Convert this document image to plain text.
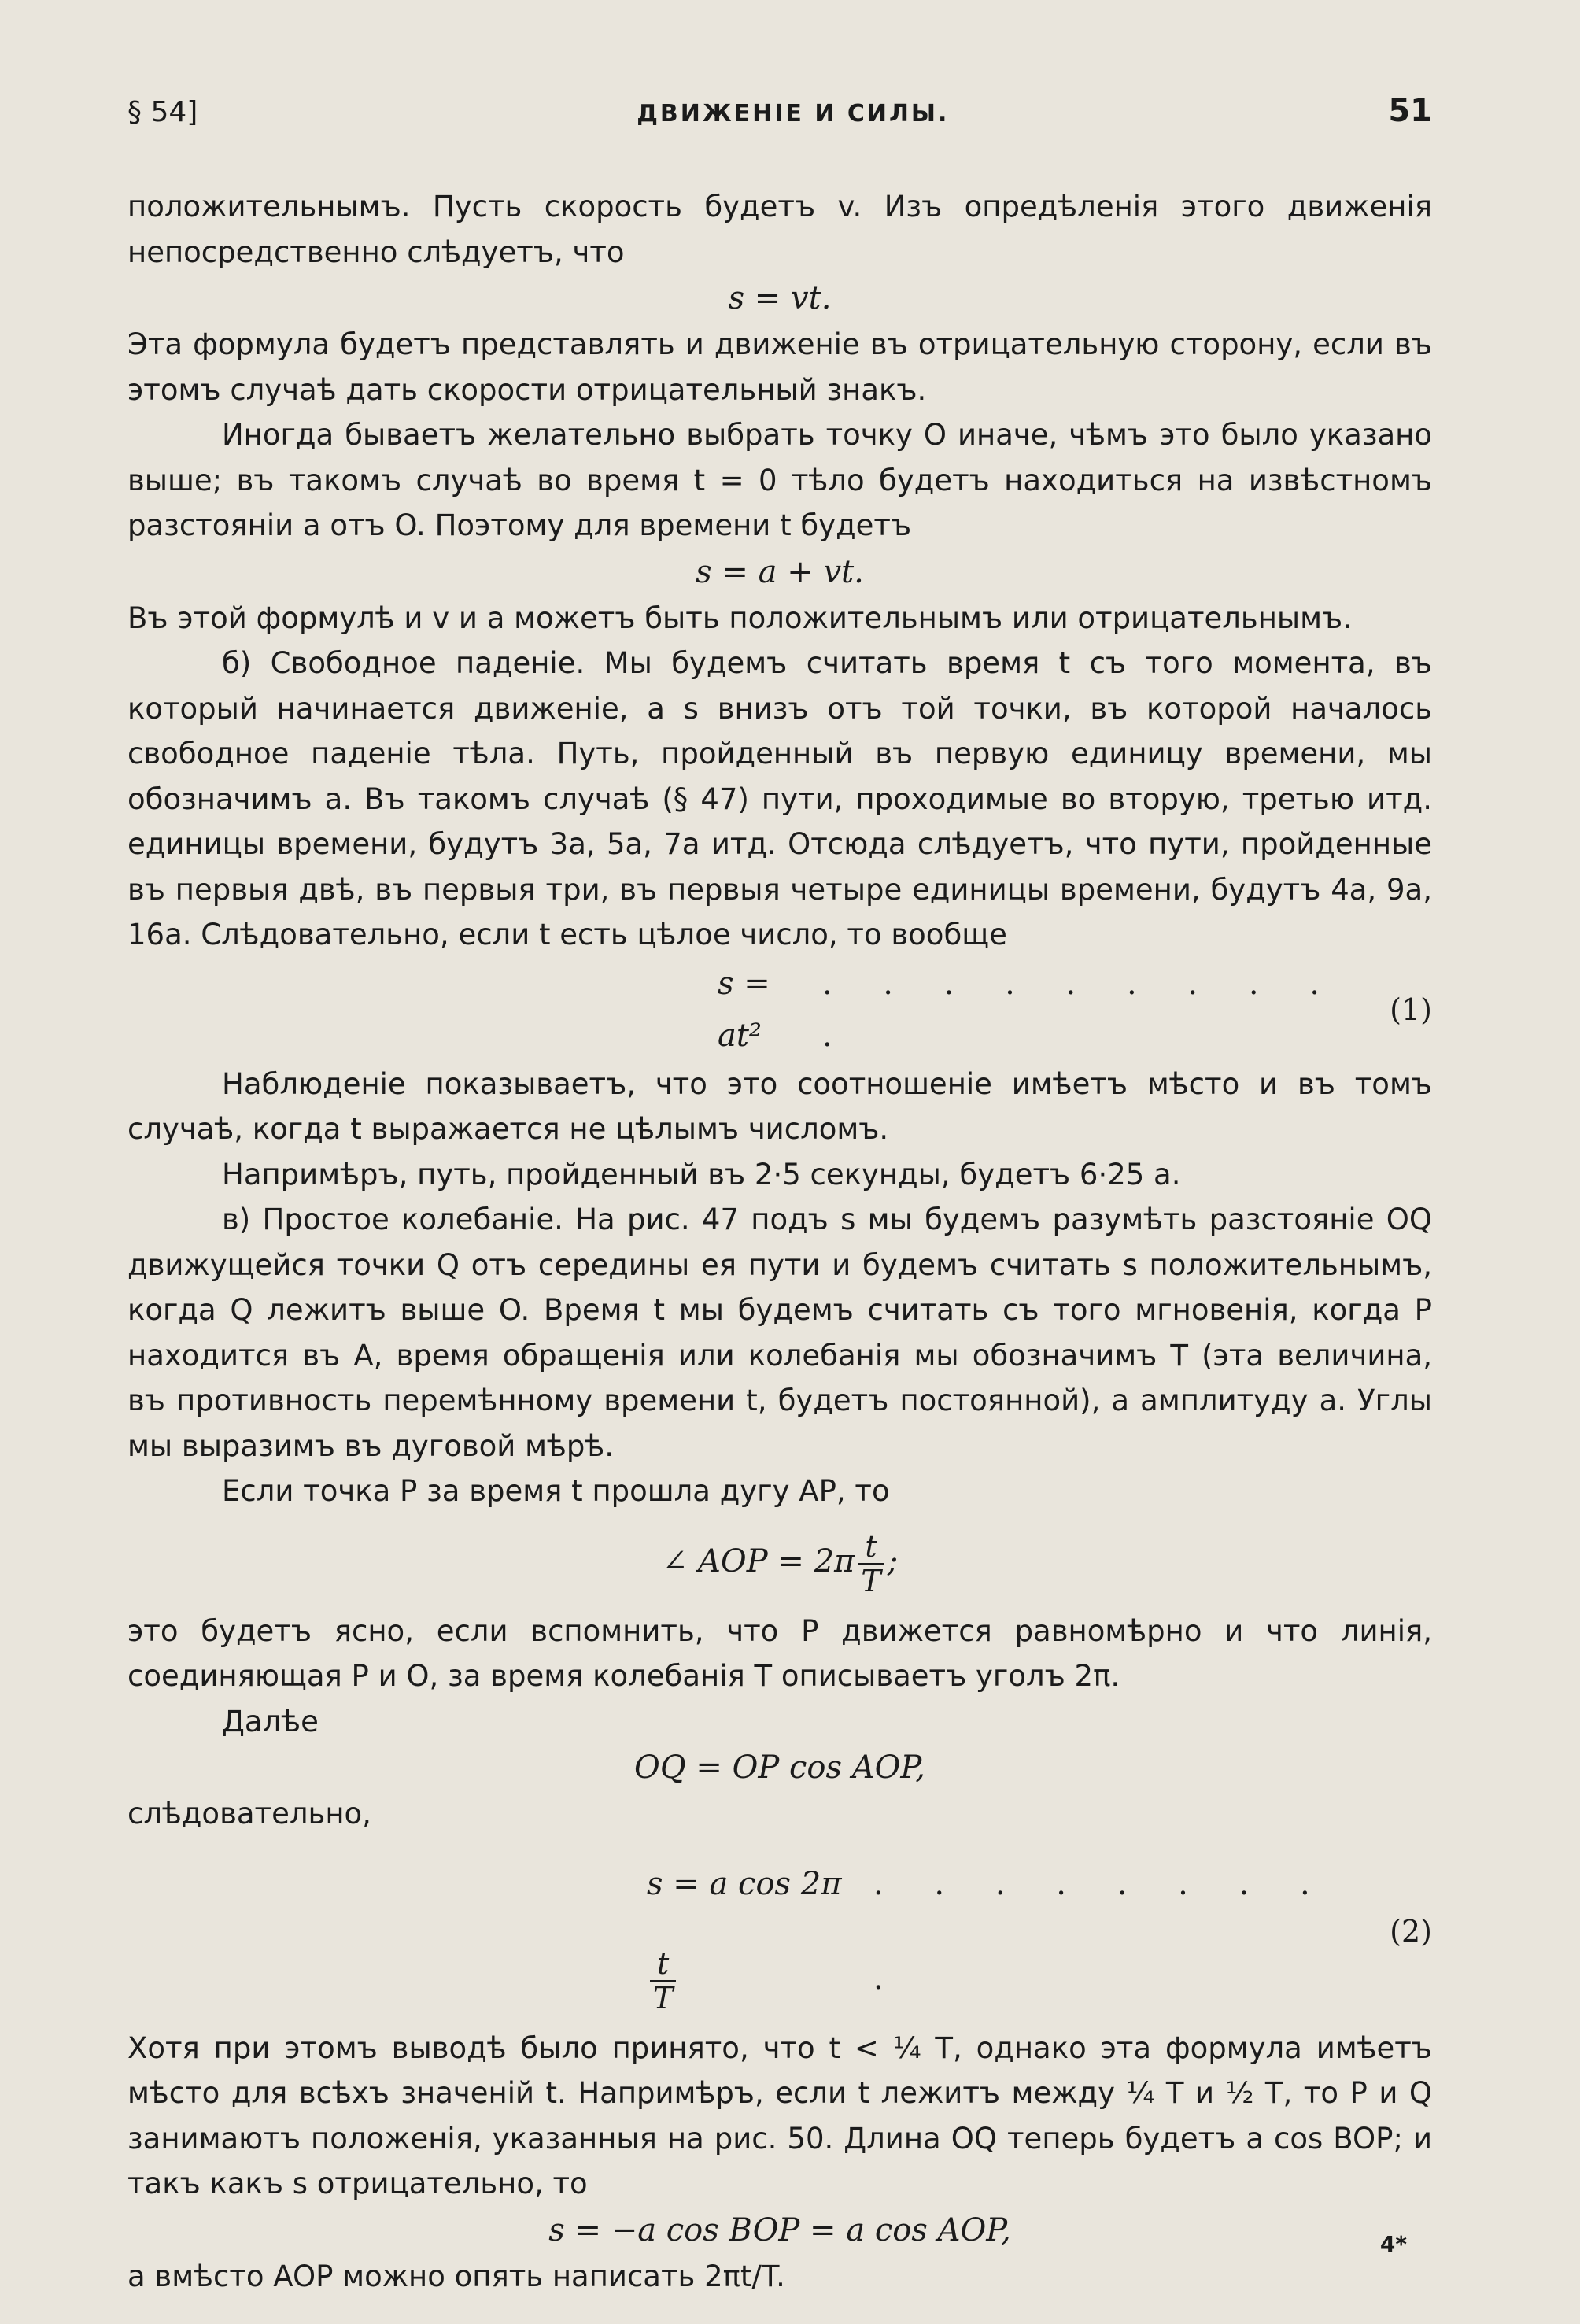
§ 54]	ДВИЖЕНІЕ И СИЛЫ.	51

положительнымъ. Пусть скорость будетъ v. Изъ опредѣленія этого движенія непосредственно слѣдуетъ, что

s = vt.

Эта формула будетъ представлять и движеніе въ отрицательную сторону, если въ этомъ случаѣ дать скорости отрицательный знакъ.

Иногда бываетъ желательно выбрать точку O иначе, чѣмъ это было указано выше; въ такомъ случаѣ во время t = 0 тѣло будетъ находиться на извѣстномъ разстояніи a отъ O. Поэтому для времени t будетъ

s = a + vt.

Въ этой формулѣ и v и a можетъ быть положительнымъ или отрицательнымъ.

б) Свободное паденіе. Мы будемъ считать время t съ того момента, въ который начинается движеніе, а s внизъ отъ той точки, въ которой началось свободное паденіе тѣла. Путь, пройденный въ первую единицу времени, мы обозначимъ a. Въ такомъ случаѣ (§ 47) пути, проходимые во вторую, третью итд. единицы времени, будутъ 3a, 5a, 7a итд. Отсюда слѣдуетъ, что пути, пройденные въ первыя двѣ, въ первыя три, въ первыя четыре единицы времени, будутъ 4a, 9a, 16a. Слѣдовательно, если t есть цѣлое число, то вообще

s = at²
. . . . . . . . . .
(1)

Наблюденіе показываетъ, что это соотношеніе имѣетъ мѣсто и въ томъ случаѣ, когда t выражается не цѣлымъ числомъ.

Напримѣръ, путь, пройденный въ 2·5 секунды, будетъ 6·25 a.

в) Простое колебаніе. На рис. 47 подъ s мы будемъ разумѣть разстояніе OQ движущейся точки Q отъ середины ея пути и будемъ считать s положительнымъ, когда Q лежитъ выше O. Время t мы будемъ считать съ того мгновенія, когда P находится въ A, время обращенія или колебанія мы обозначимъ T (эта величина, въ противность перемѣнному времени t, будетъ постоянной), а амплитуду a. Углы мы выразимъ въ дуговой мѣрѣ.

Если точка P за время t прошла дугу AP, то

∠ AOP = $2\pi \frac{t}{T}$ ;

это будетъ ясно, если вспомнить, что P движется равномѣрно и что линія, соединяющая P и O, за время колебанія T описываетъ уголъ 2π.

Далѣе

OQ = OP cos AOP,

слѣдовательно,

s = a cos 2π
$\frac{t}{T}$
. . . . . . . . .
(2)

Хотя при этомъ выводѣ было принято, что t < ¼ T, однако эта формула имѣетъ мѣсто для всѣхъ значеній t. Напримѣръ, если t лежитъ между ¼ T и ½ T, то P и Q занимаютъ положенія, указанныя на рис. 50. Длина OQ теперь будетъ a cos BOP; и такъ какъ s отрицательно, то

s = −a cos BOP = a cos AOP,

а вмѣсто AOP можно опять написать 2πt/T.

4*
